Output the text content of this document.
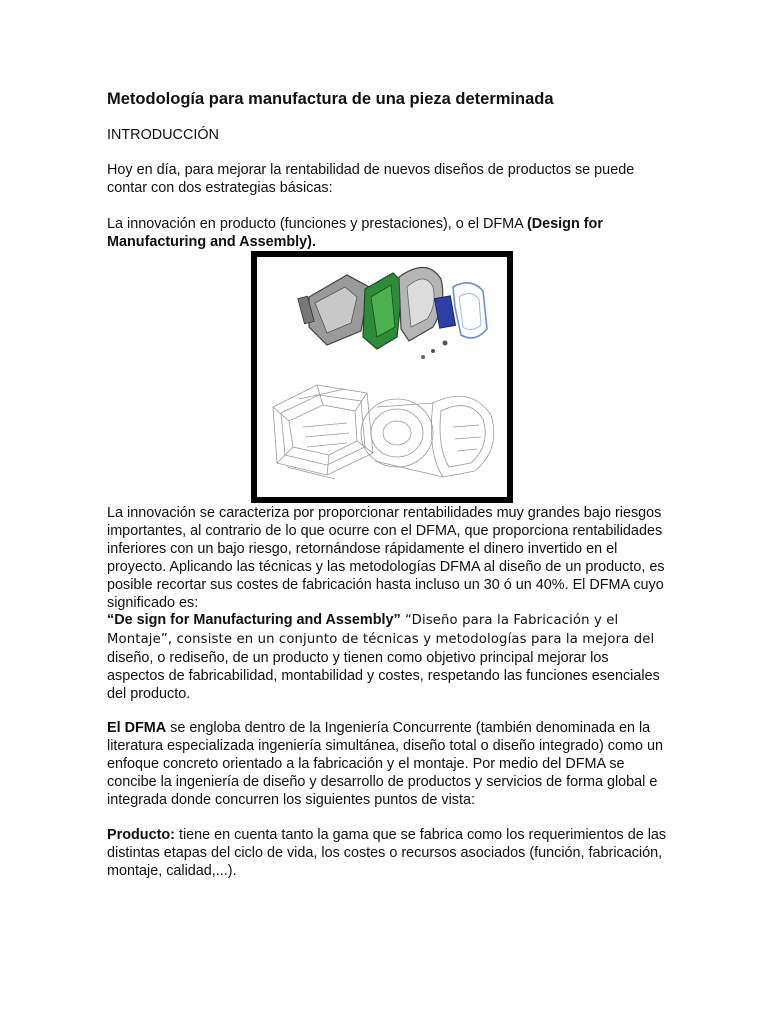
Metodología para manufactura de una pieza determinada

INTRODUCCIÓN

Hoy en día, para mejorar la rentabilidad de nuevos diseños de productos se puede contar con dos estrategias básicas:

La innovación en producto (funciones y prestaciones), o el DFMA (Design for Manufacturing and Assembly).

La innovación se caracteriza por proporcionar rentabilidades muy grandes bajo riesgos importantes, al contrario de lo que ocurre con el DFMA, que proporciona rentabilidades inferiores con un bajo riesgo, retornándose rápidamente el dinero invertido en el proyecto. Aplicando las técnicas y las metodologías DFMA al diseño de un producto, es posible recortar sus costes de fabricación hasta incluso un 30 ó un 40%. El DFMA cuyo significado es:

“De sign for Manufacturing and Assembly” “Diseño para la Fabricación y el Montaje”, consiste en un conjunto de técnicas y metodologías para la mejora del diseño, o rediseño, de un producto y tienen como objetivo principal mejorar los aspectos de fabricabilidad, montabilidad y costes, respetando las funciones esenciales del producto.

El DFMA se engloba dentro de la Ingeniería Concurrente (también denominada en la literatura especializada ingeniería simultánea, diseño total o diseño integrado) como un enfoque concreto orientado a la fabricación y el montaje. Por medio del DFMA se concibe la ingeniería de diseño y desarrollo de productos y servicios de forma global e integrada donde concurren los siguientes puntos de vista:

Producto: tiene en cuenta tanto la gama que se fabrica como los requerimientos de las distintas etapas del ciclo de vida, los costes o recursos asociados (función, fabricación, montaje, calidad,...).
